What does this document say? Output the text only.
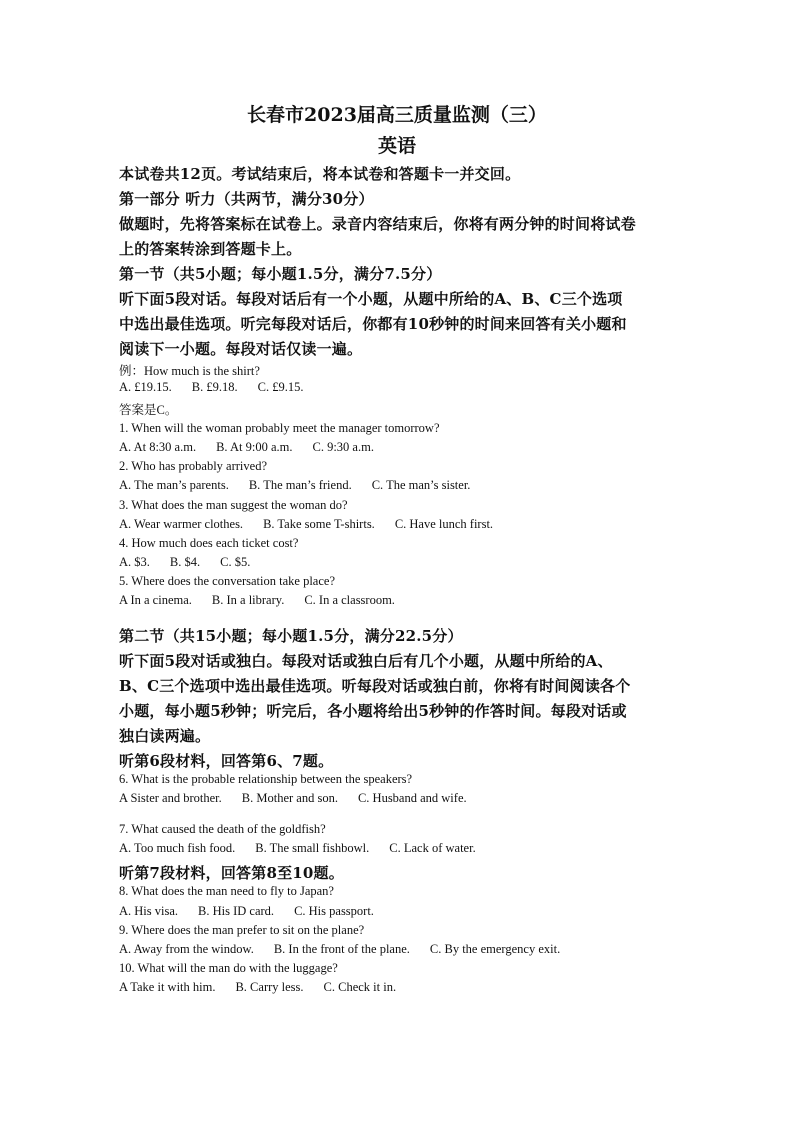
长春市2023届高三质量监测（三）
英语
本试卷共12页。考试结束后，将本试卷和答题卡一并交回。
第一部分 听力（共两节，满分30分）
做题时，先将答案标在试卷上。录音内容结束后，你将有两分钟的时间将试卷
上的答案转涂到答题卡上。
第一节（共5小题；每小题1.5分，满分7.5分）
听下面5段对话。每段对话后有一个小题，从题中所给的A、B、C三个选项
中选出最佳选项。听完每段对话后，你都有10秒钟的时间来回答有关小题和
阅读下一小题。每段对话仅读一遍。
例：How much is the shirt?
A. £19.15. B. £9.18. C. £9.15.
答案是C。
1. When will the woman probably meet the manager tomorrow?
A. At 8:30 a.m. B. At 9:00 a.m. C. 9:30 a.m.
2. Who has probably arrived?
A. The man’s parents. B. The man’s friend. C. The man’s sister.
3. What does the man suggest the woman do?
A. Wear warmer clothes. B. Take some T-shirts. C. Have lunch first.
4. How much does each ticket cost?
A. $3. B. $4. C. $5.
5. Where does the conversation take place?
A In a cinema. B. In a library. C. In a classroom.
第二节（共15小题；每小题1.5分，满分22.5分）
听下面5段对话或独白。每段对话或独白后有几个小题，从题中所给的A、
B、C三个选项中选出最佳选项。听每段对话或独白前，你将有时间阅读各个
小题，每小题5秒钟；听完后，各小题将给出5秒钟的作答时间。每段对话或
独白读两遍。
听第6段材料，回答第6、7题。
6. What is the probable relationship between the speakers?
A Sister and brother. B. Mother and son. C. Husband and wife.
7. What caused the death of the goldfish?
A. Too much fish food. B. The small fishbowl. C. Lack of water.
听第7段材料，回答第8至10题。
8. What does the man need to fly to Japan?
A. His visa. B. His ID card. C. His passport.
9. Where does the man prefer to sit on the plane?
A. Away from the window. B. In the front of the plane. C. By the emergency exit.
10. What will the man do with the luggage?
A Take it with him. B. Carry less. C. Check it in.
